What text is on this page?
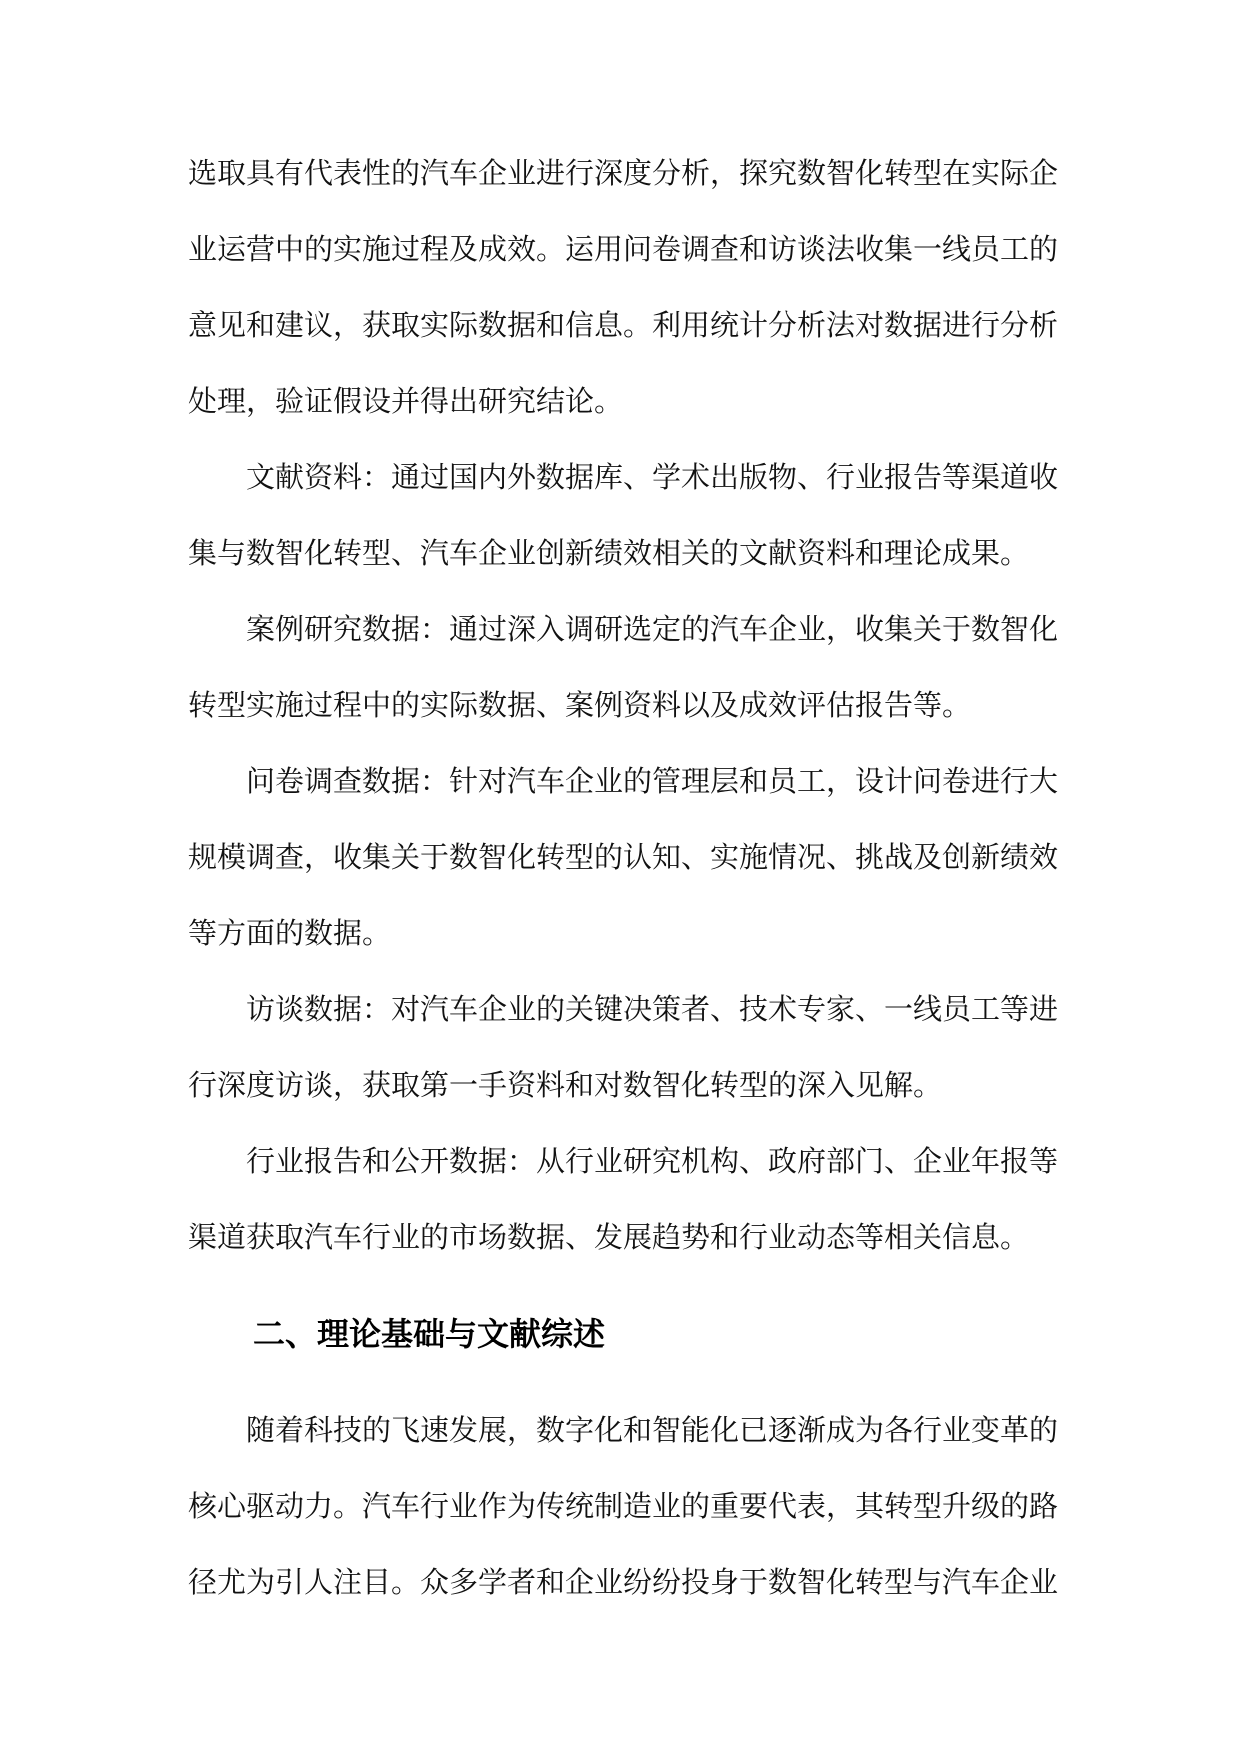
选取具有代表性的汽车企业进行深度分析，探究数智化转型在实际企
业运营中的实施过程及成效。运用问卷调查和访谈法收集一线员工的
意见和建议，获取实际数据和信息。利用统计分析法对数据进行分析
处理，验证假设并得出研究结论。
文献资料：通过国内外数据库、学术出版物、行业报告等渠道收
集与数智化转型、汽车企业创新绩效相关的文献资料和理论成果。
案例研究数据：通过深入调研选定的汽车企业，收集关于数智化
转型实施过程中的实际数据、案例资料以及成效评估报告等。
问卷调查数据：针对汽车企业的管理层和员工，设计问卷进行大
规模调查，收集关于数智化转型的认知、实施情况、挑战及创新绩效
等方面的数据。
访谈数据：对汽车企业的关键决策者、技术专家、一线员工等进
行深度访谈，获取第一手资料和对数智化转型的深入见解。
行业报告和公开数据：从行业研究机构、政府部门、企业年报等
渠道获取汽车行业的市场数据、发展趋势和行业动态等相关信息。
二、理论基础与文献综述
随着科技的飞速发展，数字化和智能化已逐渐成为各行业变革的
核心驱动力。汽车行业作为传统制造业的重要代表，其转型升级的路
径尤为引人注目。众多学者和企业纷纷投身于数智化转型与汽车企业
